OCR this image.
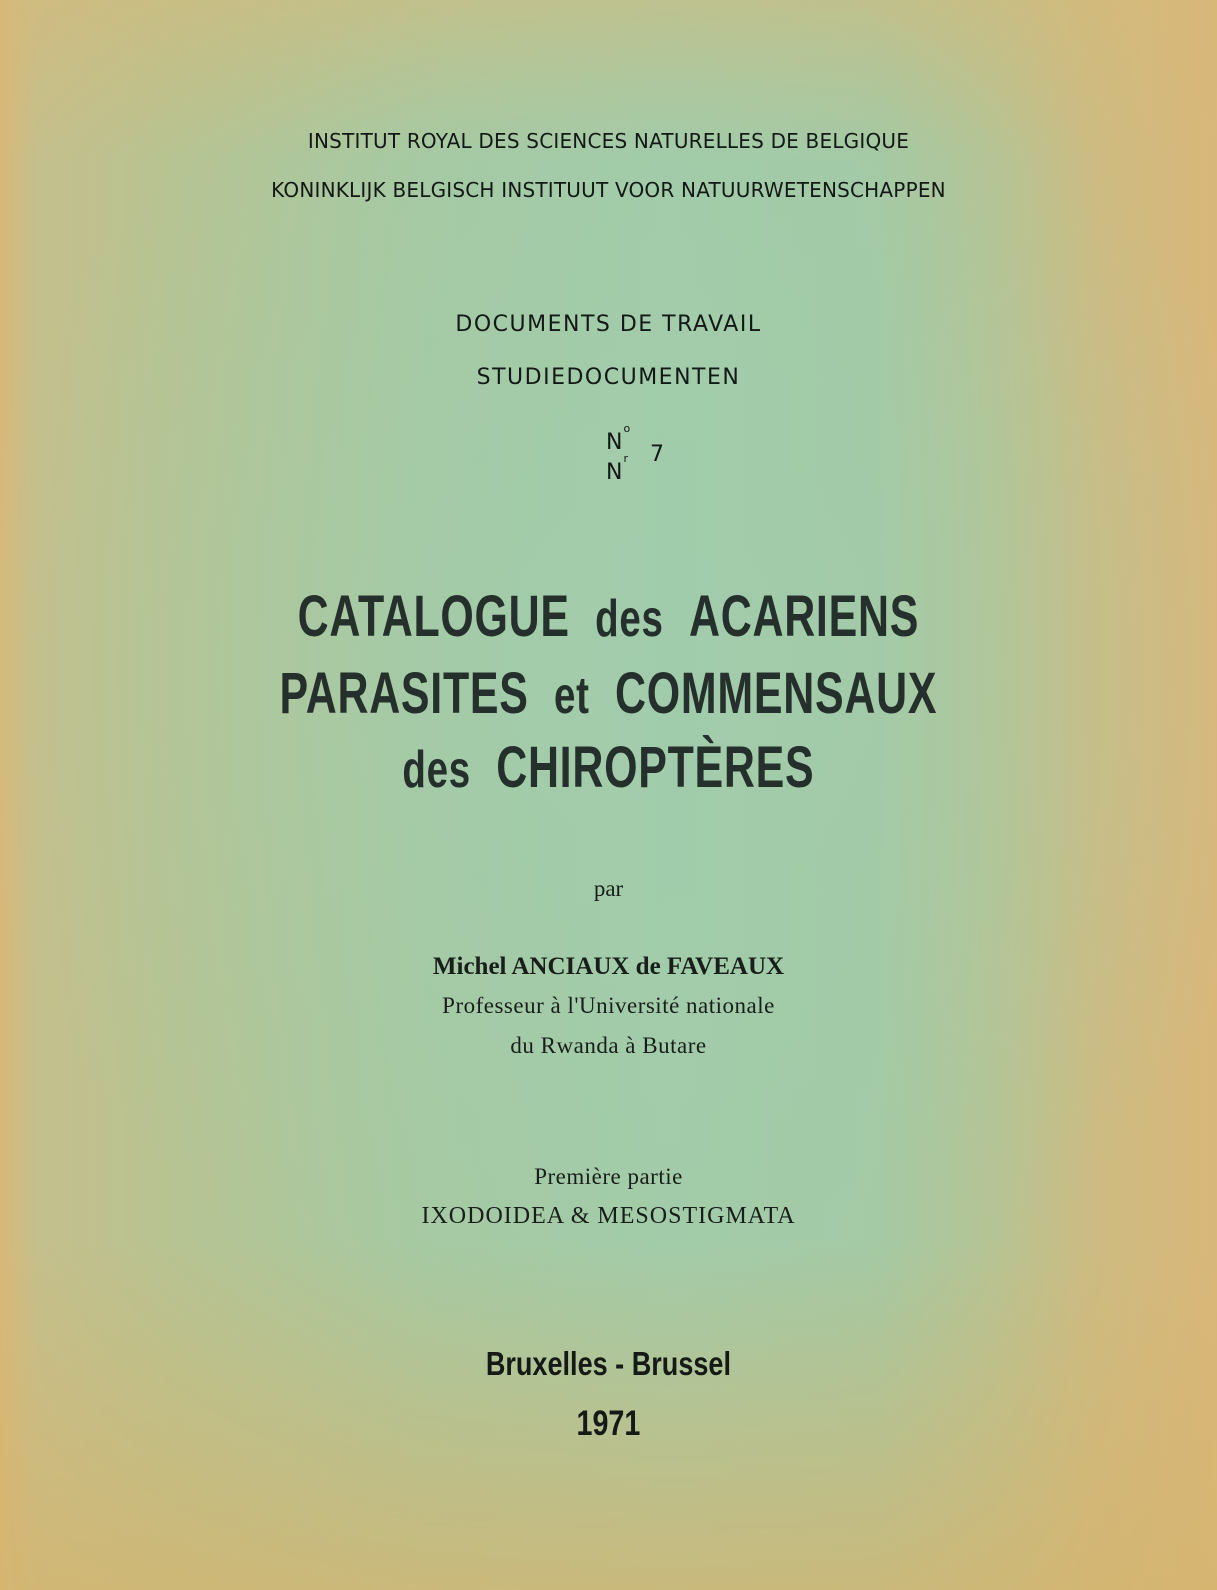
INSTITUT ROYAL DES SCIENCES NATURELLES DE BELGIQUE
KONINKLIJK BELGISCH INSTITUUT VOOR NATUURWETENSCHAPPEN
DOCUMENTS DE TRAVAIL
STUDIEDOCUMENTEN
$N^o$
$N^r$ 7
CATALOGUE des ACARIENS
PARASITES et COMMENSAUX
des CHIROPTÈRES
par
Michel ANCIAUX de FAVEAUX
Professeur à l'Université nationale
du Rwanda à Butare
Première partie
IXODOIDEA & MESOSTIGMATA
Bruxelles - Brussel
1971
